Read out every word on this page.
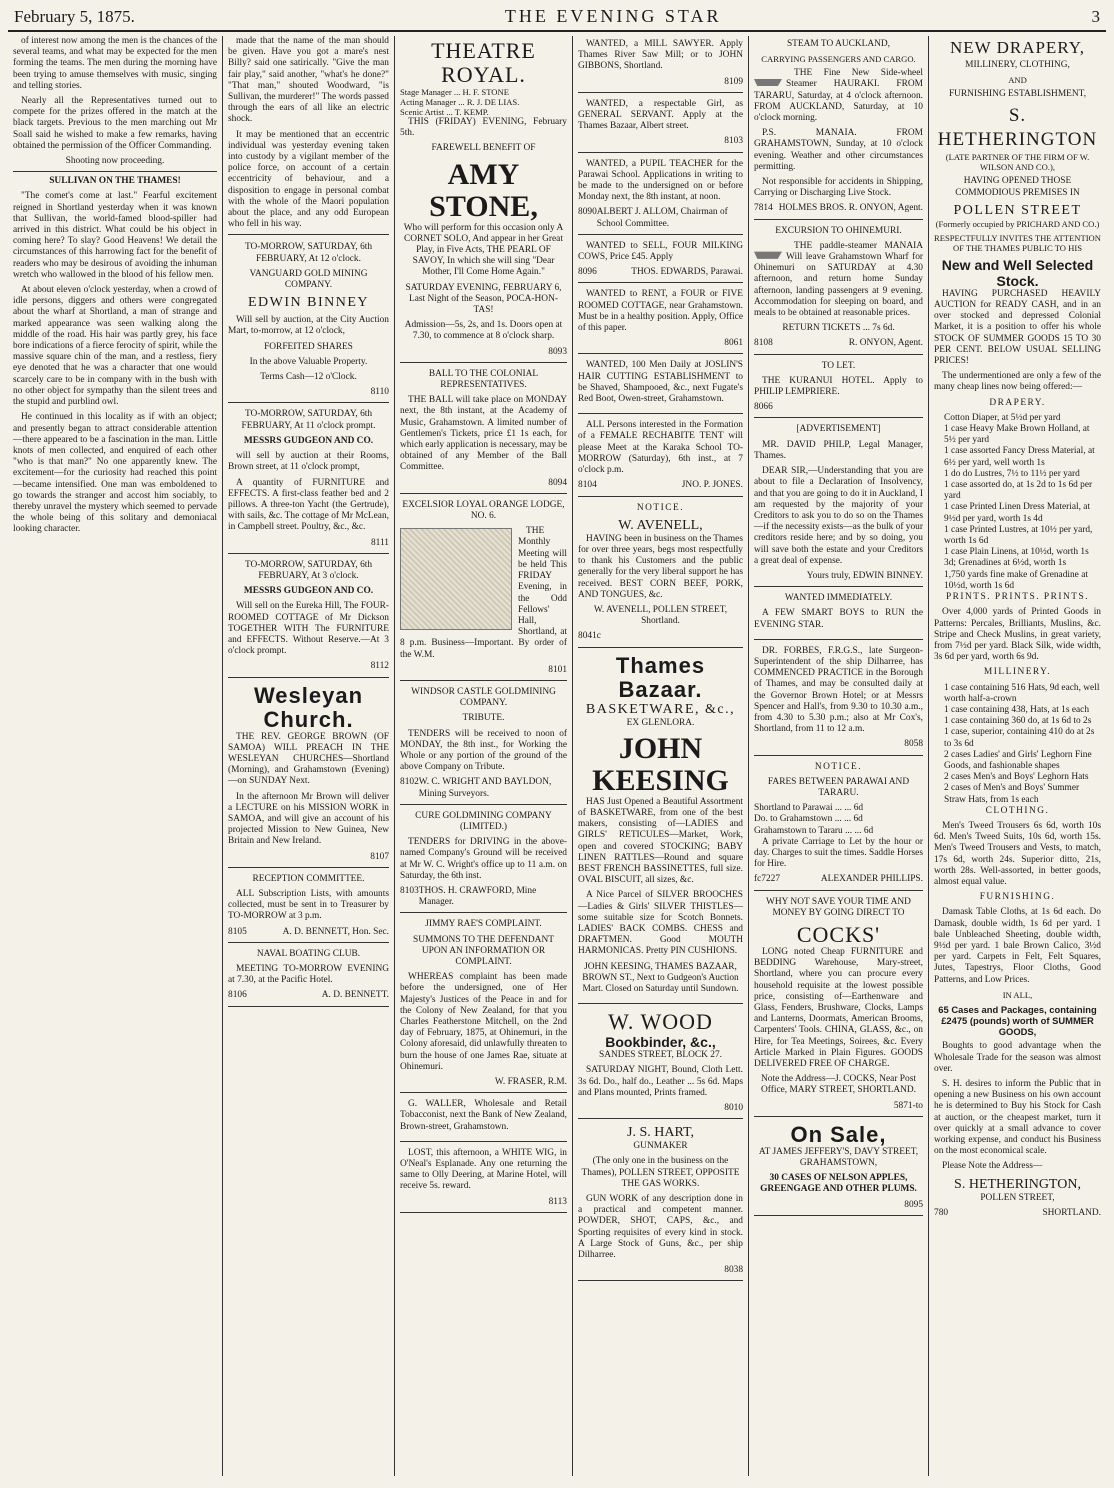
February 5, 1875.	THE EVENING STAR	3

of interest now among the men is the chances of the several teams, and what may be expected for the men forming the teams. The men during the morning have been trying to amuse themselves with music, singing and telling stories.

Nearly all the Representatives turned out to compete for the prizes offered in the match at the black targets. Previous to the men marching out Mr Soall said he wished to make a few remarks, having obtained the permission of the Officer Commanding.

Shooting now proceeding.

SULLIVAN ON THE THAMES!

"The comet's come at last." Fearful excitement reigned in Shortland yesterday when it was known that Sullivan, the world-famed blood-spiller had arrived in this district. What could be his object in coming here? To slay? Good Heavens! We detail the circumstances of this harrowing fact for the benefit of readers who may be desirous of avoiding the inhuman wretch who wallowed in the blood of his fellow men.

At about eleven o'clock yesterday, when a crowd of idle persons, diggers and others were congregated about the wharf at Shortland, a man of strange and marked appearance was seen walking along the middle of the road. His hair was partly grey, his face bore indications of a fierce ferocity of spirit, while the massive square chin of the man, and a restless, fiery eye denoted that he was a character that one would scarcely care to be in company with in the bush with no other object for sympathy than the silent trees and the stupid and purblind owl.

He continued in this locality as if with an object; and presently began to attract considerable attention—there appeared to be a fascination in the man. Little knots of men collected, and enquired of each other "who is that man?" No one apparently knew. The excitement—for the curiosity had reached this point—became intensified. One man was emboldened to go towards the stranger and accost him sociably, to thereby unravel the mystery which seemed to pervade the whole being of this solitary and demoniacal looking character.

made that the name of the man should be given. Have you got a mare's nest Billy? said one satirically. "Give the man fair play," said another, "what's he done?" "That man," shouted Woodward, "is Sullivan, the murderer!" The words passed through the ears of all like an electric shock.

It may be mentioned that an eccentric individual was yesterday evening taken into custody by a vigilant member of the police force, on account of a certain eccentricity of behaviour, and a disposition to engage in personal combat with the whole of the Maori population about the place, and any odd European who fell in his way.

TO-MORROW, SATURDAY, 6th FEBRUARY, At 12 o'clock.

VANGUARD GOLD MINING COMPANY.

EDWIN BINNEY

Will sell by auction, at the City Auction Mart, to-morrow, at 12 o'clock,

FORFEITED SHARES

In the above Valuable Property.

Terms Cash—12 o'Clock.

8110

TO-MORROW, SATURDAY, 6th FEBRUARY, At 11 o'clock prompt.

MESSRS GUDGEON AND CO.

will sell by auction at their Rooms, Brown street, at 11 o'clock prompt,

A quantity of FURNITURE and EFFECTS. A first-class feather bed and 2 pillows. A three-ton Yacht (the Gertrude), with sails, &c. The cottage of Mr McLean, in Campbell street. Poultry, &c., &c.

8111

TO-MORROW, SATURDAY, 6th FEBRUARY, At 3 o'clock.

MESSRS GUDGEON AND CO.

Will sell on the Eureka Hill, The FOUR-ROOMED COTTAGE of Mr Dickson TOGETHER WITH The FURNITURE and EFFECTS. Without Reserve.—At 3 o'clock prompt.

8112
Wesleyan Church.

THE REV. GEORGE BROWN (OF SAMOA) WILL PREACH IN THE WESLEYAN CHURCHES—Shortland (Morning), and Grahamstown (Evening)—on SUNDAY Next.

In the afternoon Mr Brown will deliver a LECTURE on his MISSION WORK in SAMOA, and will give an account of his projected Mission to New Guinea, New Britain and New Ireland.

8107

RECEPTION COMMITTEE.

ALL Subscription Lists, with amounts collected, must be sent in to Treasurer by TO-MORROW at 3 p.m.

8105	A. D. BENNETT, Hon. Sec.

NAVAL BOATING CLUB.

MEETING TO-MORROW EVENING at 7.30, at the Pacific Hotel.

8106	A. D. BENNETT.
THEATRE ROYAL.
Stage Manager ... H. F. STONE
Acting Manager ... R. J. DE LIAS.
Scenic Artist ... T. KEMP.

THIS (FRIDAY) EVENING, February 5th.

FAREWELL BENEFIT OF

AMY STONE,

Who will perform for this occasion only A CORNET SOLO, And appear in her Great Play, in Five Acts, THE PEARL OF SAVOY, In which she will sing "Dear Mother, I'll Come Home Again."

SATURDAY EVENING, FEBRUARY 6, Last Night of the Season, POCA-HON-TAS!

Admission—5s, 2s, and 1s. Doors open at 7.30, to commence at 8 o'clock sharp.

8093

BALL TO THE COLONIAL REPRESENTATIVES.

THE BALL will take place on MONDAY next, the 8th instant, at the Academy of Music, Grahamstown. A limited number of Gentlemen's Tickets, price £1 1s each, for which early application is necessary, may be obtained of any Member of the Ball Committee.

8094

EXCELSIOR LOYAL ORANGE LODGE, NO. 6.

THE Monthly Meeting will be held This FRIDAY Evening, in the Odd Fellows' Hall, Shortland, at 8 p.m. Business—Important. By order of the W.M.

8101

WINDSOR CASTLE GOLDMINING COMPANY.

TRIBUTE.

TENDERS will be received to noon of MONDAY, the 8th inst., for Working the Whole or any portion of the ground of the above Company on Tribute.

8102 W. C. WRIGHT AND BAYLDON, Mining Surveyors.

CURE GOLDMINING COMPANY (LIMITED.)

TENDERS for DRIVING in the above-named Company's Ground will be received at Mr W. C. Wright's office up to 11 a.m. on Saturday, the 6th inst.

8103 THOS. H. CRAWFORD, Mine Manager.

JIMMY RAE'S COMPLAINT.

SUMMONS TO THE DEFENDANT UPON AN INFORMATION OR COMPLAINT.

WHEREAS complaint has been made before the undersigned, one of Her Majesty's Justices of the Peace in and for the Colony of New Zealand, for that you Charles Featherstone Mitchell, on the 2nd day of February, 1875, at Ohinemuri, in the Colony aforesaid, did unlawfully threaten to burn the house of one James Rae, situate at Ohinemuri.

W. FRASER, R.M.

G. WALLER, Wholesale and Retail Tobacconist, next the Bank of New Zealand, Brown-street, Grahamstown.

LOST, this afternoon, a WHITE WIG, in O'Neal's Esplanade. Any one returning the same to Olly Deering, at Marine Hotel, will receive 5s. reward.

8113

WANTED, a MILL SAWYER. Apply Thames River Saw Mill; or to JOHN GIBBONS, Shortland.

8109

WANTED, a respectable Girl, as GENERAL SERVANT. Apply at the Thames Bazaar, Albert street.

8103

WANTED, a PUPIL TEACHER for the Parawai School. Applications in writing to be made to the undersigned on or before Monday next, the 8th instant, at noon.

8090 ALBERT J. ALLOM, Chairman of School Committee.

WANTED to SELL, FOUR MILKING COWS, Price £45. Apply

8096	THOS. EDWARDS, Parawai.

WANTED to RENT, a FOUR or FIVE ROOMED COTTAGE, near Grahamstown. Must be in a healthy position. Apply, Office of this paper.

8061

WANTED, 100 Men Daily at JOSLIN'S HAIR CUTTING ESTABLISHMENT to be Shaved, Shampooed, &c., next Fugate's Red Boot, Owen-street, Grahamstown.

ALL Persons interested in the Formation of a FEMALE RECHABITE TENT will please Meet at the Karaka School TO-MORROW (Saturday), 6th inst., at 7 o'clock p.m.

8104	JNO. P. JONES.

NOTICE.

W. AVENELL,

HAVING been in business on the Thames for over three years, begs most respectfully to thank his Customers and the public generally for the very liberal support he has received. BEST CORN BEEF, PORK, AND TONGUES, &c.

W. AVENELL, POLLEN STREET, Shortland.

8041c
Thames Bazaar.
BASKETWARE, &c.,

EX GLENLORA.

JOHN KEESING

HAS Just Opened a Beautiful Assortment of BASKETWARE, from one of the best makers, consisting of—LADIES and GIRLS' RETICULES—Market, Work, open and covered STOCKING; BABY LINEN RATTLES—Round and square BEST FRENCH BASSINETTES, full size. OVAL BISCUIT, all sizes, &c.

A Nice Parcel of SILVER BROOCHES—Ladies & Girls' SILVER THISTLES—some suitable size for Scotch Bonnets. LADIES' BACK COMBS. CHESS and DRAFTMEN. Good MOUTH HARMONICAS. Pretty PIN CUSHIONS.

JOHN KEESING, THAMES BAZAAR, BROWN ST., Next to Gudgeon's Auction Mart. Closed on Saturday until Sundown.

W. WOOD
Bookbinder, &c.,

SANDES STREET, BLOCK 27.

SATURDAY NIGHT, Bound, Cloth Lett. 3s 6d. Do., half do., Leather ... 5s 6d. Maps and Plans mounted, Prints framed.

8010
J. S. HART,

GUNMAKER

(The only one in the business on the Thames), POLLEN STREET, OPPOSITE THE GAS WORKS.

GUN WORK of any description done in a practical and competent manner. POWDER, SHOT, CAPS, &c., and Sporting requisites of every kind in stock. A Large Stock of Guns, &c., per ship Dilharree.

8038

STEAM TO AUCKLAND,

CARRYING PASSENGERS AND CARGO.

THE Fine New Side-wheel Steamer HAURAKI. FROM TARARU, Saturday, at 4 o'clock afternoon. FROM AUCKLAND, Saturday, at 10 o'clock morning.

P.S. MANAIA. FROM GRAHAMSTOWN, Sunday, at 10 o'clock evening. Weather and other circumstances permitting.

Not responsible for accidents in Shipping, Carrying or Discharging Live Stock.

7814 HOLMES BROS. R. ONYON, Agent.

EXCURSION TO OHINEMURI.

THE paddle-steamer MANAIA Will leave Grahamstown Wharf for Ohinemuri on SATURDAY at 4.30 afternoon, and return home Sunday afternoon, landing passengers at 9 evening. Accommodation for sleeping on board, and meals to be obtained at reasonable prices.

RETURN TICKETS ... 7s 6d.

8108	R. ONYON, Agent.

TO LET.

THE KURANUI HOTEL. Apply to PHILIP LEMPRIERE.

8066

[ADVERTISEMENT]

MR. DAVID PHILP, Legal Manager, Thames.

DEAR SIR,—Understanding that you are about to file a Declaration of Insolvency, and that you are going to do it in Auckland, I am requested by the majority of your Creditors to ask you to do so on the Thames—if the necessity exists—as the bulk of your creditors reside here; and by so doing, you will save both the estate and your Creditors a great deal of expense.

Yours truly, EDWIN BINNEY.

WANTED IMMEDIATELY.

A FEW SMART BOYS to RUN the EVENING STAR.

DR. FORBES, F.R.G.S., late Surgeon-Superintendent of the ship Dilharree, has COMMENCED PRACTICE in the Borough of Thames, and may be consulted daily at the Governor Brown Hotel; or at Messrs Spencer and Hall's, from 9.30 to 10.30 a.m., from 4.30 to 5.30 p.m.; also at Mr Cox's, Shortland, from 11 to 12 a.m.

8058

NOTICE.

FARES BETWEEN PARAWAI AND TARARU.

Shortland to Parawai ... ... 6d
Do. to Grahamstown ... ... 6d
Grahamstown to Tararu ... ... 6d

A private Carriage to Let by the hour or day. Charges to suit the times. Saddle Horses for Hire.

fc7227	ALEXANDER PHILLIPS.

WHY NOT SAVE YOUR TIME AND MONEY BY GOING DIRECT TO

COCKS'

LONG noted Cheap FURNITURE and BEDDING Warehouse, Mary-street, Shortland, where you can procure every household requisite at the lowest possible price, consisting of—Earthenware and Glass, Fenders, Brushware, Clocks, Lamps and Lanterns, Doormats, American Brooms, Carpenters' Tools. CHINA, GLASS, &c., on Hire, for Tea Meetings, Soirees, &c. Every Article Marked in Plain Figures. GOODS DELIVERED FREE OF CHARGE.

Note the Address—J. COCKS, Near Post Office, MARY STREET, SHORTLAND.

5871-to
On Sale,

AT JAMES JEFFERY'S, DAVY STREET, GRAHAMSTOWN,

30 CASES OF NELSON APPLES, GREENGAGE AND OTHER PLUMS.

8095
NEW DRAPERY,

MILLINERY, CLOTHING,

AND

FURNISHING ESTABLISHMENT,

S. HETHERINGTON

(LATE PARTNER OF THE FIRM OF W. WILSON AND CO.),

HAVING OPENED THOSE COMMODIOUS PREMISES IN

POLLEN STREET

(Formerly occupied by PRICHARD AND CO.)

RESPECTFULLY INVITES THE ATTENTION OF THE THAMES PUBLIC TO HIS

New and Well Selected Stock.

HAVING PURCHASED HEAVILY AUCTION for READY CASH, and in an over stocked and depressed Colonial Market, it is a position to offer his whole STOCK OF SUMMER GOODS 15 TO 30 PER CENT. BELOW USUAL SELLING PRICES!

The undermentioned are only a few of the many cheap lines now being offered:—

DRAPERY.

Cotton Diaper, at 5½d per yard
1 case Heavy Make Brown Holland, at 5½ per yard
1 case assorted Fancy Dress Material, at 6½ per yard, well worth 1s
1 do do Lustres, 7½ to 11½ per yard
1 case assorted do, at 1s 2d to 1s 6d per yard
1 case Printed Linen Dress Material, at 9½d per yard, worth 1s 4d
1 case Printed Lustres, at 10½ per yard, worth 1s 6d
1 case Plain Linens, at 10½d, worth 1s 3d; Grenadines at 6½d, worth 1s
1,750 yards fine make of Grenadine at 10½d, worth 1s 6d

PRINTS. PRINTS. PRINTS.

Over 4,000 yards of Printed Goods in Patterns: Percales, Brilliants, Muslins, &c. Stripe and Check Muslins, in great variety, from 7½d per yard. Black Silk, wide width, 3s 6d per yard, worth 6s 9d.

MILLINERY.

1 case containing 516 Hats, 9d each, well worth half-a-crown
1 case containing 438, Hats, at 1s each
1 case containing 360 do, at 1s 6d to 2s
1 case, superior, containing 410 do at 2s to 3s 6d
2 cases Ladies' and Girls' Leghorn Fine Goods, and fashionable shapes
2 cases Men's and Boys' Leghorn Hats
2 cases of Men's and Boys' Summer Straw Hats, from 1s each

CLOTHING.

Men's Tweed Trousers 6s 6d, worth 10s 6d. Men's Tweed Suits, 10s 6d, worth 15s. Men's Tweed Trousers and Vests, to match, 17s 6d, worth 24s. Superior ditto, 21s, worth 28s. Well-assorted, in better goods, almost equal value.

FURNISHING.

Damask Table Cloths, at 1s 6d each. Do Damask, double width, 1s 6d per yard. 1 bale Unbleached Sheeting, double width, 9½d per yard. 1 bale Brown Calico, 3½d per yard. Carpets in Felt, Felt Squares, Jutes, Tapestrys, Floor Cloths, Good Patterns, and Low Prices.

IN ALL,

65 Cases and Packages, containing £2475 (pounds) worth of SUMMER GOODS,

Boughts to good advantage when the Wholesale Trade for the season was almost over.

S. H. desires to inform the Public that in opening a new Business on his own account he is determined to Buy his Stock for Cash at auction, or the cheapest market, turn it over quickly at a small advance to cover working expense, and conduct his Business on the most economical scale.

Please Note the Address—

S. HETHERINGTON,

POLLEN STREET,

780	SHORTLAND.
